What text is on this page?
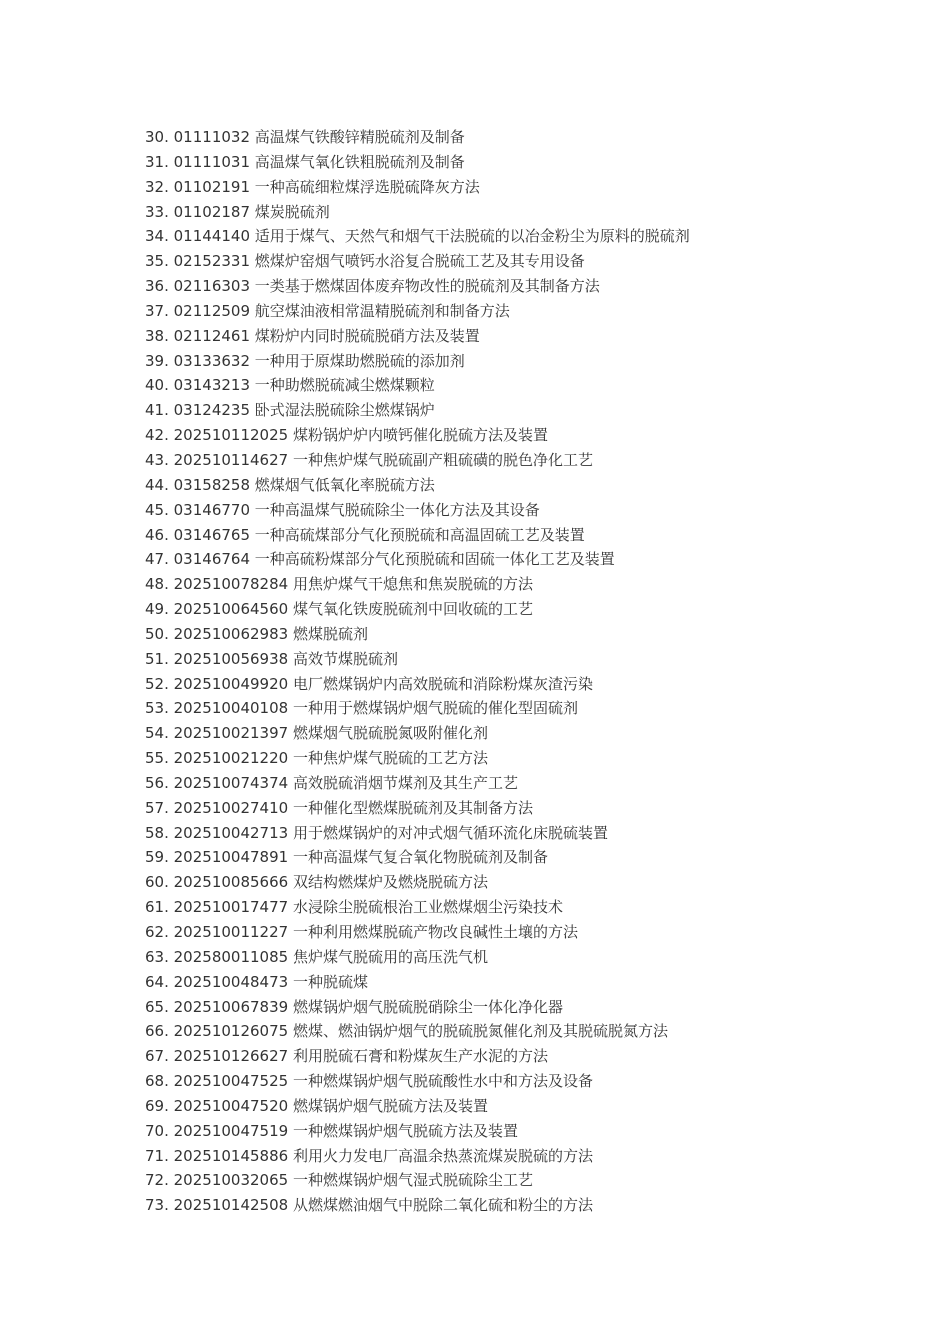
30. 01111032 高温煤气铁酸锌精脱硫剂及制备
31. 01111031 高温煤气氧化铁粗脱硫剂及制备
32. 01102191 一种高硫细粒煤浮选脱硫降灰方法
33. 01102187 煤炭脱硫剂
34. 01144140 适用于煤气、天然气和烟气干法脱硫的以冶金粉尘为原料的脱硫剂
35. 02152331 燃煤炉窑烟气喷钙水浴复合脱硫工艺及其专用设备
36. 02116303 一类基于燃煤固体废弃物改性的脱硫剂及其制备方法
37. 02112509 航空煤油液相常温精脱硫剂和制备方法
38. 02112461 煤粉炉内同时脱硫脱硝方法及装置
39. 03133632 一种用于原煤助燃脱硫的添加剂
40. 03143213 一种助燃脱硫减尘燃煤颗粒
41. 03124235 卧式湿法脱硫除尘燃煤锅炉
42. 202510112025 煤粉锅炉炉内喷钙催化脱硫方法及装置
43. 202510114627 一种焦炉煤气脱硫副产粗硫磺的脱色净化工艺
44. 03158258 燃煤烟气低氧化率脱硫方法
45. 03146770 一种高温煤气脱硫除尘一体化方法及其设备
46. 03146765 一种高硫煤部分气化预脱硫和高温固硫工艺及装置
47. 03146764 一种高硫粉煤部分气化预脱硫和固硫一体化工艺及装置
48. 202510078284 用焦炉煤气干熄焦和焦炭脱硫的方法
49. 202510064560 煤气氧化铁废脱硫剂中回收硫的工艺
50. 202510062983 燃煤脱硫剂
51. 202510056938 高效节煤脱硫剂
52. 202510049920 电厂燃煤锅炉内高效脱硫和消除粉煤灰渣污染
53. 202510040108 一种用于燃煤锅炉烟气脱硫的催化型固硫剂
54. 202510021397 燃煤烟气脱硫脱氮吸附催化剂
55. 202510021220 一种焦炉煤气脱硫的工艺方法
56. 202510074374 高效脱硫消烟节煤剂及其生产工艺
57. 202510027410 一种催化型燃煤脱硫剂及其制备方法
58. 202510042713 用于燃煤锅炉的对冲式烟气循环流化床脱硫装置
59. 202510047891 一种高温煤气复合氧化物脱硫剂及制备
60. 202510085666 双结构燃煤炉及燃烧脱硫方法
61. 202510017477 水浸除尘脱硫根治工业燃煤烟尘污染技术
62. 202510011227 一种利用燃煤脱硫产物改良碱性土壤的方法
63. 202580011085 焦炉煤气脱硫用的高压洗气机
64. 202510048473 一种脱硫煤
65. 202510067839 燃煤锅炉烟气脱硫脱硝除尘一体化净化器
66. 202510126075 燃煤、燃油锅炉烟气的脱硫脱氮催化剂及其脱硫脱氮方法
67. 202510126627 利用脱硫石膏和粉煤灰生产水泥的方法
68. 202510047525 一种燃煤锅炉烟气脱硫酸性水中和方法及设备
69. 202510047520 燃煤锅炉烟气脱硫方法及装置
70. 202510047519 一种燃煤锅炉烟气脱硫方法及装置
71. 202510145886 利用火力发电厂高温余热蒸流煤炭脱硫的方法
72. 202510032065 一种燃煤锅炉烟气湿式脱硫除尘工艺
73. 202510142508 从燃煤燃油烟气中脱除二氧化硫和粉尘的方法
